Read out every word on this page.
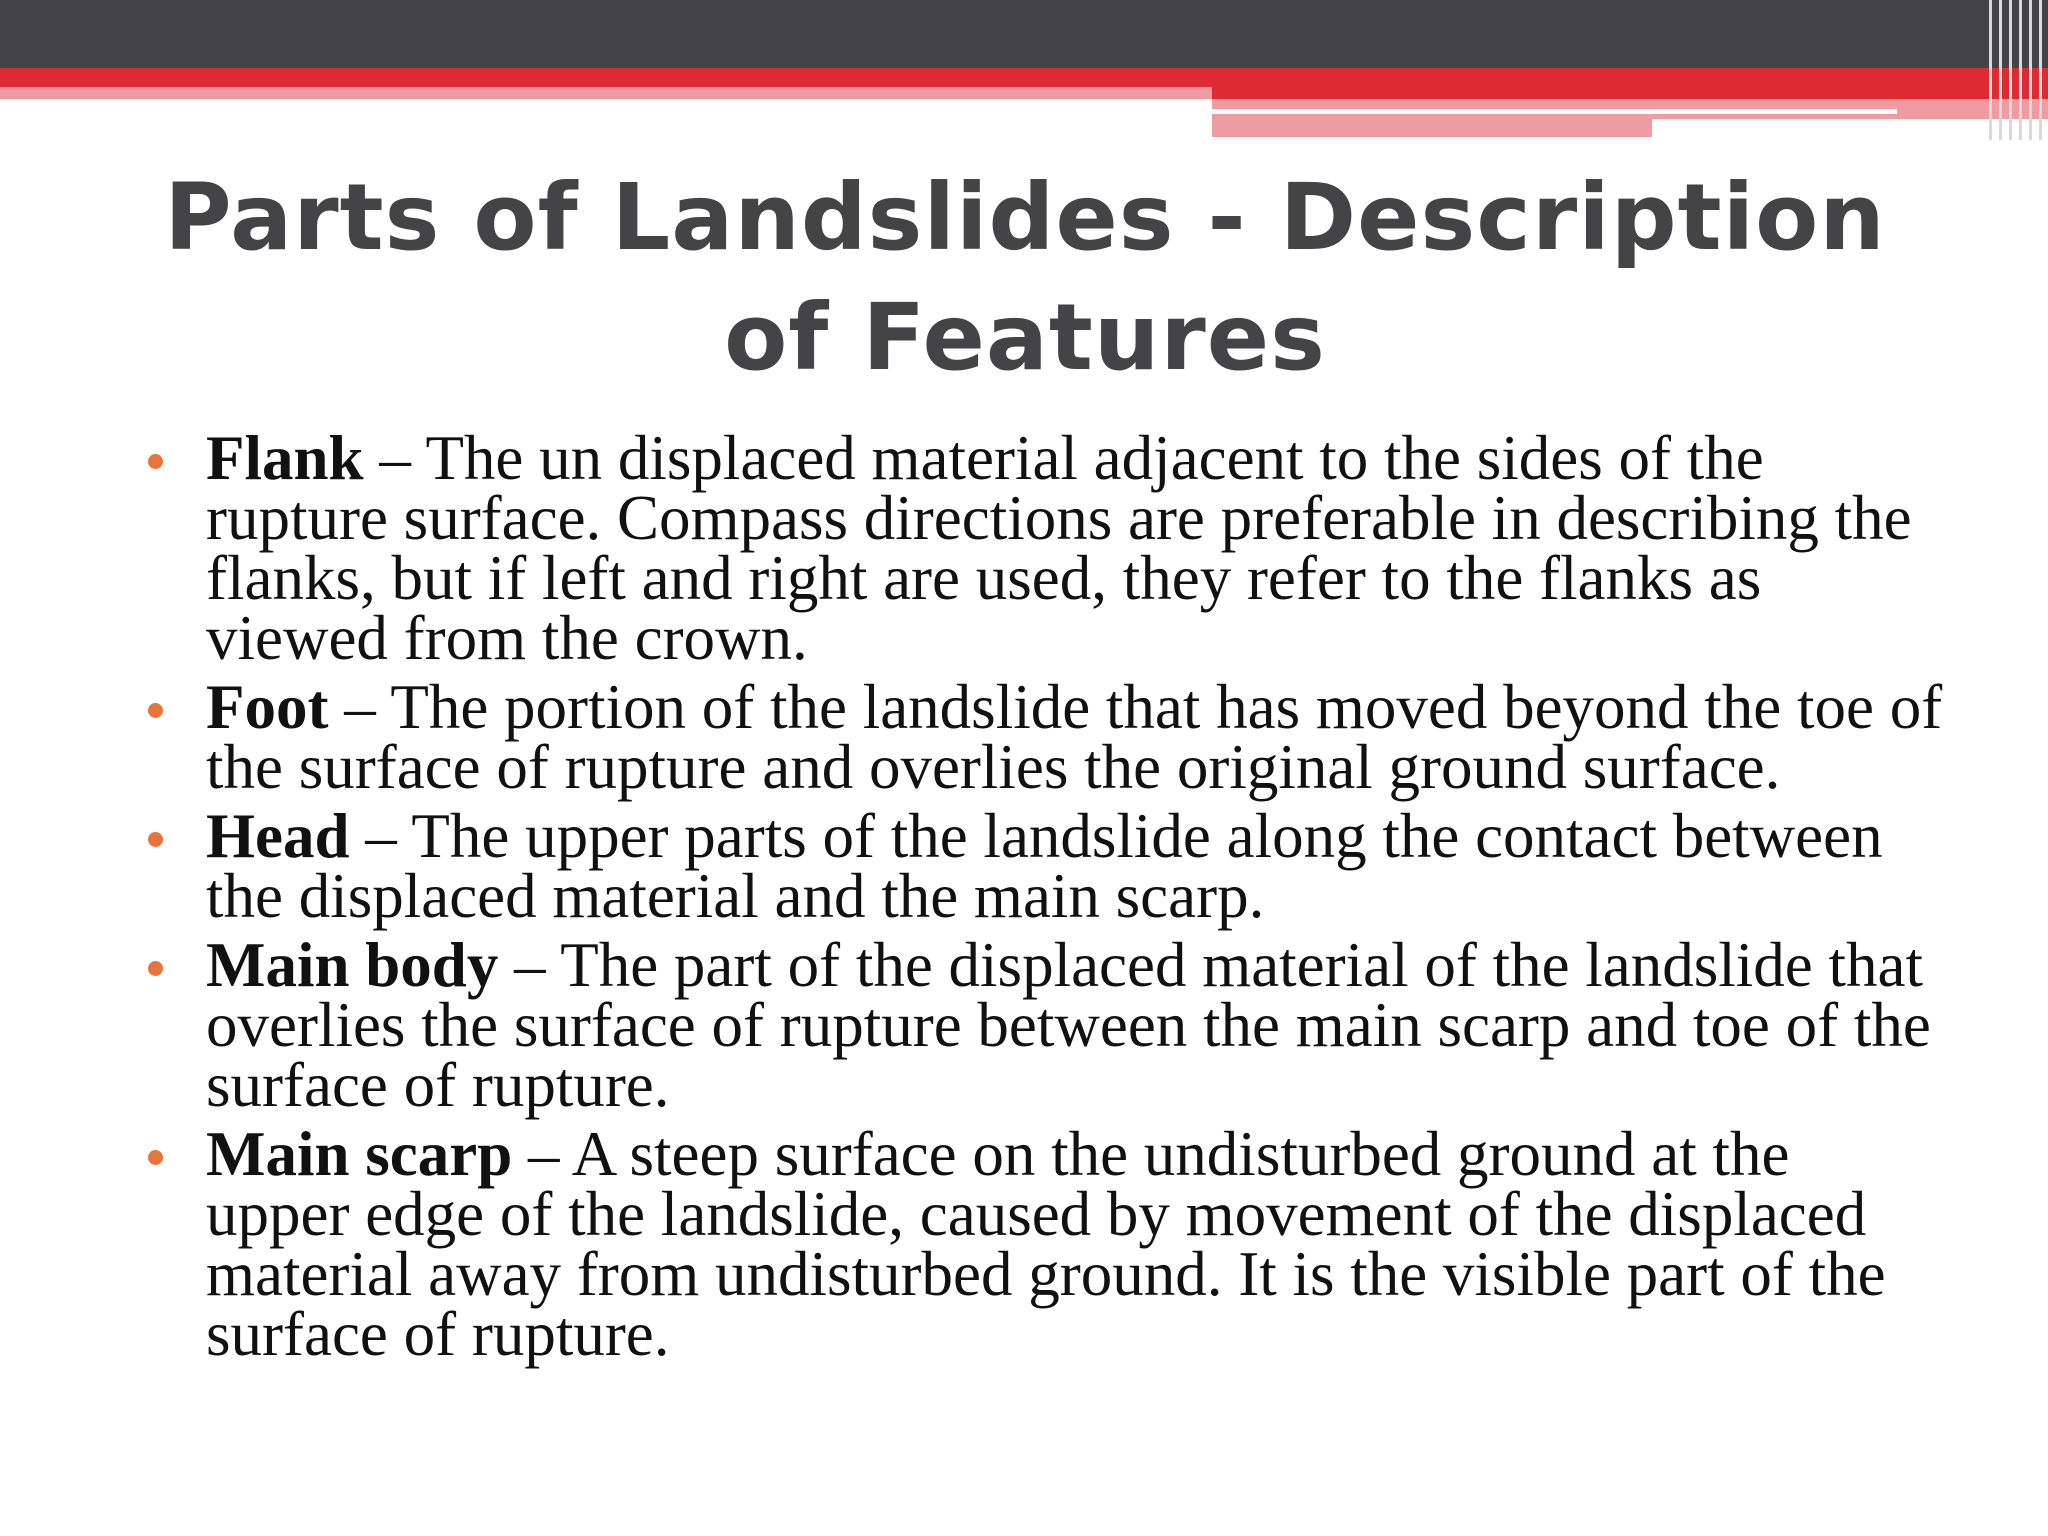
Parts of Landslides - Description of Features
Flank – The un displaced material adjacent to the sides of the rupture surface. Compass directions are preferable in describing the flanks, but if left and right are used, they refer to the flanks as viewed from the crown.
Foot – The portion of the landslide that has moved beyond the toe of the surface of rupture and overlies the original ground surface.
Head – The upper parts of the landslide along the contact between the displaced material and the main scarp.
Main body – The part of the displaced material of the landslide that overlies the surface of rupture between the main scarp and toe of the surface of rupture.
Main scarp – A steep surface on the undisturbed ground at the upper edge of the landslide, caused by movement of the displaced material away from undisturbed ground. It is the visible part of the surface of rupture.
